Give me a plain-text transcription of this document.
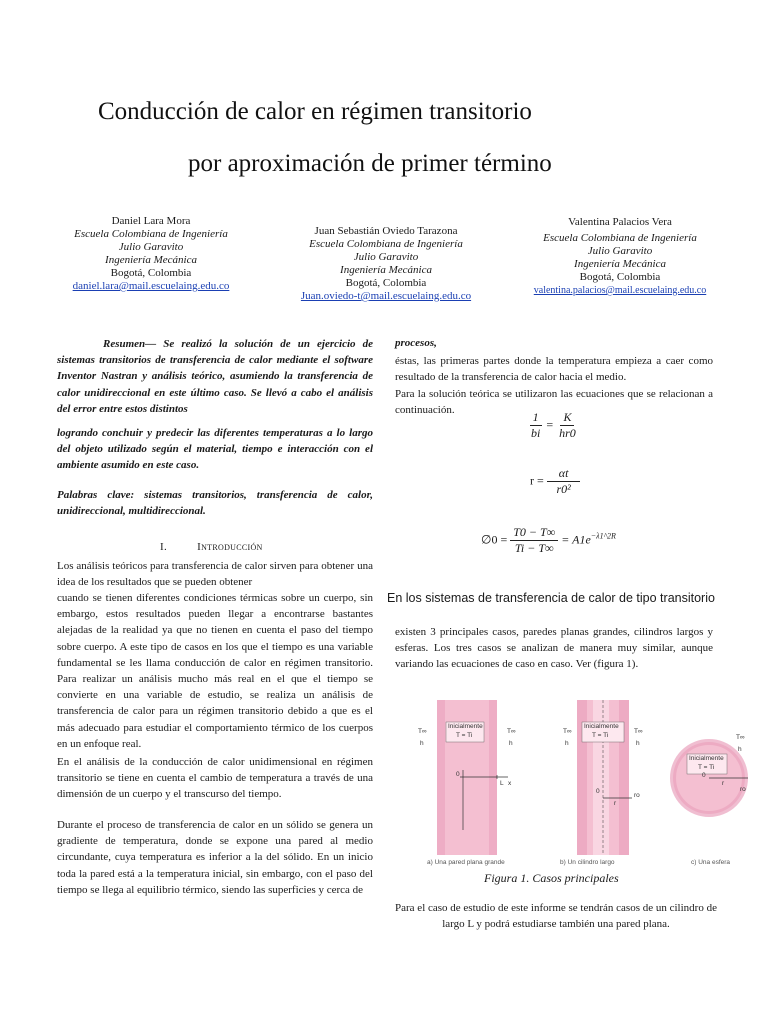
Conducción de calor en régimen transitorio
por aproximación de primer término
Daniel Lara Mora
Escuela Colombiana de Ingeniería
Julio Garavito
Ingeniería Mecánica
Bogotá, Colombia
daniel.lara@mail.escuelaing.edu.co
Juan Sebastián Oviedo Tarazona
Escuela Colombiana de Ingeniería
Julio Garavito
Ingeniería Mecánica
Bogotá, Colombia
Juan.oviedo-t@mail.escuelaing.edu.co
Valentina Palacios Vera
Escuela Colombiana de Ingeniería
Julio Garavito
Ingeniería Mecánica
Bogotá, Colombia
valentina.palacios@mail.escuelaing.edu.co
Resumen— Se realizó la solución de un ejercicio de sistemas transitorios de transferencia de calor mediante el software Inventor Nastran y análisis teórico, asumiendo la transferencia de calor unidireccional en este último caso. Se llevó a cabo el análisis del error entre estos distintos
logrando conchuir y predecir las diferentes temperaturas a lo largo del objeto utilizado según el material, tiempo e interacción con el ambiente asumido en este caso.
Palabras clave: sistemas transitorios, transferencia de calor, unidireccional, multidireccional.
I.	Introducción
Los análisis teóricos para transferencia de calor sirven para obtener una idea de los resultados que se pueden obtener
cuando se tienen diferentes condiciones térmicas sobre un cuerpo, sin embargo, estos resultados pueden llegar a encontrarse bastantes alejadas de la realidad ya que no tienen en cuenta el paso del tiempo sobre cuerpo. A este tipo de casos en los que el tiempo es una variable fundamental se les llama conducción de calor en régimen transitorio. Para realizar un análisis mucho más real en el que el tiempo se convierte en una variable de estudio, se realiza un análisis de transferencia de calor para un régimen transitorio debido a que es el más adecuado para estudiar el comportamiento térmico de los cuerpos en un enfoque real.
En el análisis de la conducción de calor unidimensional en régimen transitorio se tiene en cuenta el cambio de temperatura a través de una dimensión de un cuerpo y el transcurso del tiempo.
Durante el proceso de transferencia de calor en un sólido se genera un gradiente de temperatura, donde se expone una pared al medio circundante, cuya temperatura es inferior a la del sólido. En un inicio toda la pared está a la temperatura inicial, sin embargo, con el paso del tiempo se llega al equilibrio térmico, siendo las superficies y cerca de
procesos,
éstas, las primeras partes donde la temperatura empieza a caer como resultado de la transferencia de calor hacia el medio.
Para la solución teórica se utilizaron las ecuaciones que se relacionan a continuación.	$\frac{1}{bi} = \frac{K}{hr0}$
$r = \frac{\alpha t}{\text{r0²}}$
∅0 = $\frac{T0 - T\infty}{Ti - T\infty} = A1e^{-\lambda 1\^{}2R}$
En los sistemas de transferencia de calor de tipo transitorio
existen 3 principales casos, paredes planas grandes, cilindros largos y esferas. Los tres casos se analizan de manera muy similar, aunque variando las ecuaciones de caso en caso. Ver (figura 1).
T∞
h
T∞
h
Inicialmente
T = Ti
0
L x
T∞
h
T∞
h
Inicialmente
T = Ti
0
r
ro
T∞
h
Inicialmente
T = Ti
0
r
ro
a) Una pared plana grande	b) Un cilindro largo	c) Una esfera
Figura 1. Casos principales
Para el caso de estudio de este informe se tendrán casos de un cilindro de largo L y podrá estudiarse también una pared plana.
